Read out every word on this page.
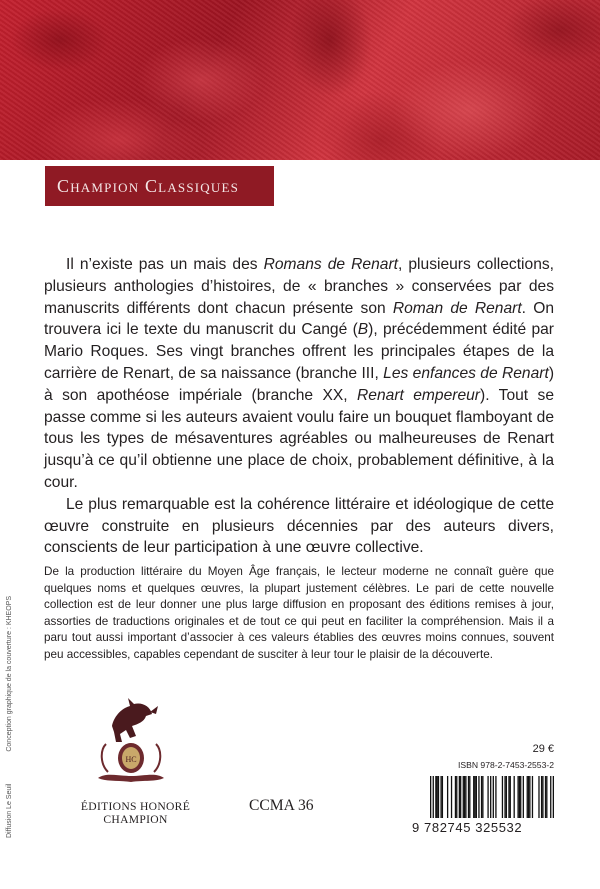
Champion Classiques

Il n’existe pas un mais des Romans de Renart, plusieurs collections, plusieurs anthologies d’histoires, de « branches » conservées par des manuscrits différents dont chacun présente son Roman de Renart. On trouvera ici le texte du manuscrit du Cangé (B), précédemment édité par Mario Roques. Ses vingt branches offrent les principales étapes de la carrière de Renart, de sa naissance (branche III, Les enfances de Renart) à son apothéose impériale (branche XX, Renart empereur). Tout se passe comme si les auteurs avaient voulu faire un bouquet flamboyant de tous les types de mésaventures agréables ou malheureuses de Renart jusqu’à ce qu’il obtienne une place de choix, probablement définitive, à la cour.

Le plus remarquable est la cohérence littéraire et idéologique de cette œuvre construite en plusieurs décennies par des auteurs divers, conscients de leur participation à une œuvre collective.

De la production littéraire du Moyen Âge français, le lecteur moderne ne connaît guère que quelques noms et quelques œuvres, la plupart justement célèbres. Le pari de cette nouvelle collection est de leur donner une plus large diffusion en proposant des éditions remises à jour, assorties de traductions originales et de tout ce qui peut en faciliter la compréhension. Mais il a paru tout aussi important d’associer à ces valeurs établies des œuvres moins connues, souvent peu accessibles, capables cependant de susciter à leur tour le plaisir de la découverte.
Diffusion Le SeuilConception graphique de la couverture : KHEOPS
HC
ÉDITIONS HONORÉ CHAMPION
CCMA 36
29 €
ISBN 978-2-7453-2553-2
9 782745 325532
